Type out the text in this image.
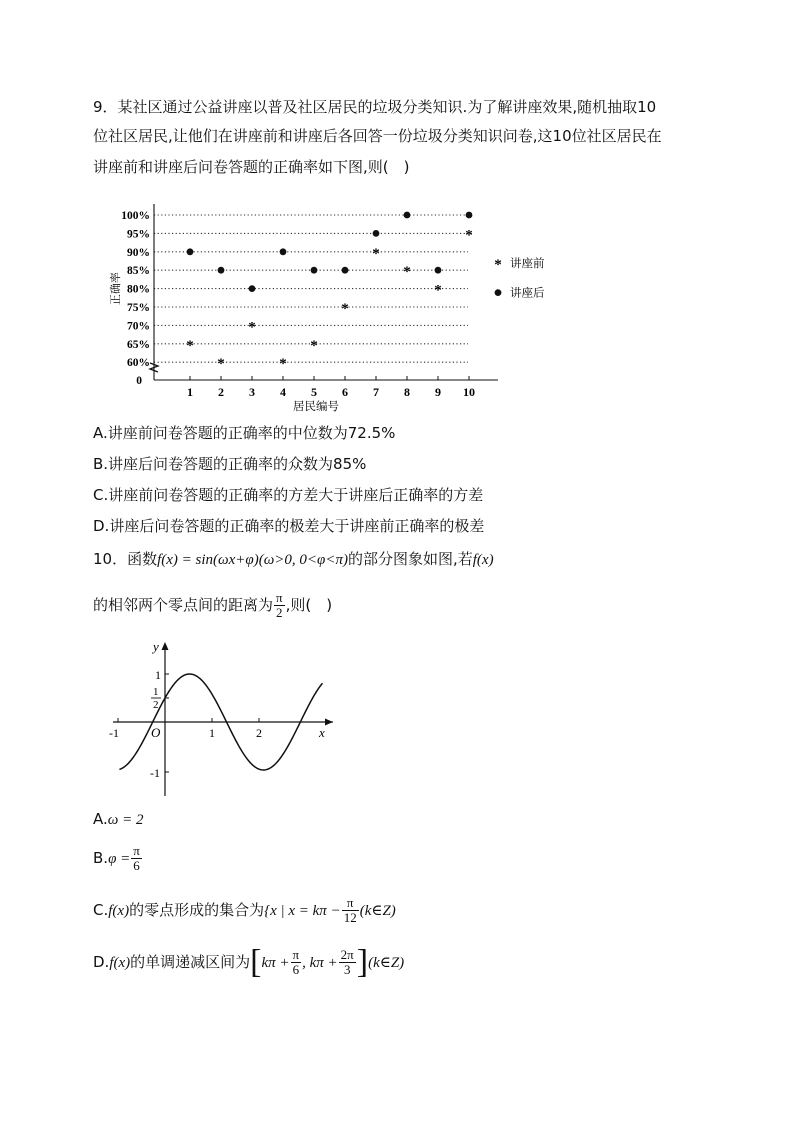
9．某社区通过公益讲座以普及社区居民的垃圾分类知识.为了解讲座效果,随机抽取10
位社区居民,让他们在讲座前和讲座后各回答一份垃圾分类知识问卷,这10位社区居民在
讲座前和讲座后问卷答题的正确率如下图,则(　)
100%
95%
90%
85%
80%
75%
70%
65%
60%
0
1 2 3 4 5 6 7 8 9 10
居民编号
正确率
*
*
*
*
*
*
*
*
*
*
* 讲座前
讲座后
A.讲座前问卷答题的正确率的中位数为72.5%
B.讲座后问卷答题的正确率的众数为85%
C.讲座前问卷答题的正确率的方差大于讲座后正确率的方差
D.讲座后问卷答题的正确率的极差大于讲座前正确率的极差
10．函数f(x) = sin(ωx+φ)(ω>0, 0<φ<π)的部分图象如图,若f(x)
的相邻两个零点间的距离为 $\frac{\pi}{2}$ ,则(　)
y
x
O	1	2
-1
1
1
2
-1
A.ω = 2
$B.\varphi = \frac{\pi}{6}$
C.f(x)的零点形成的集合为{x | $x = k\pi - \frac{\pi}{12}$ (k∈Z)
D.f(x)的单调递减区间为[$k\pi + \frac{\pi}{6}$ , $k\pi + \frac{2\pi}{3}$ ](k∈Z)
